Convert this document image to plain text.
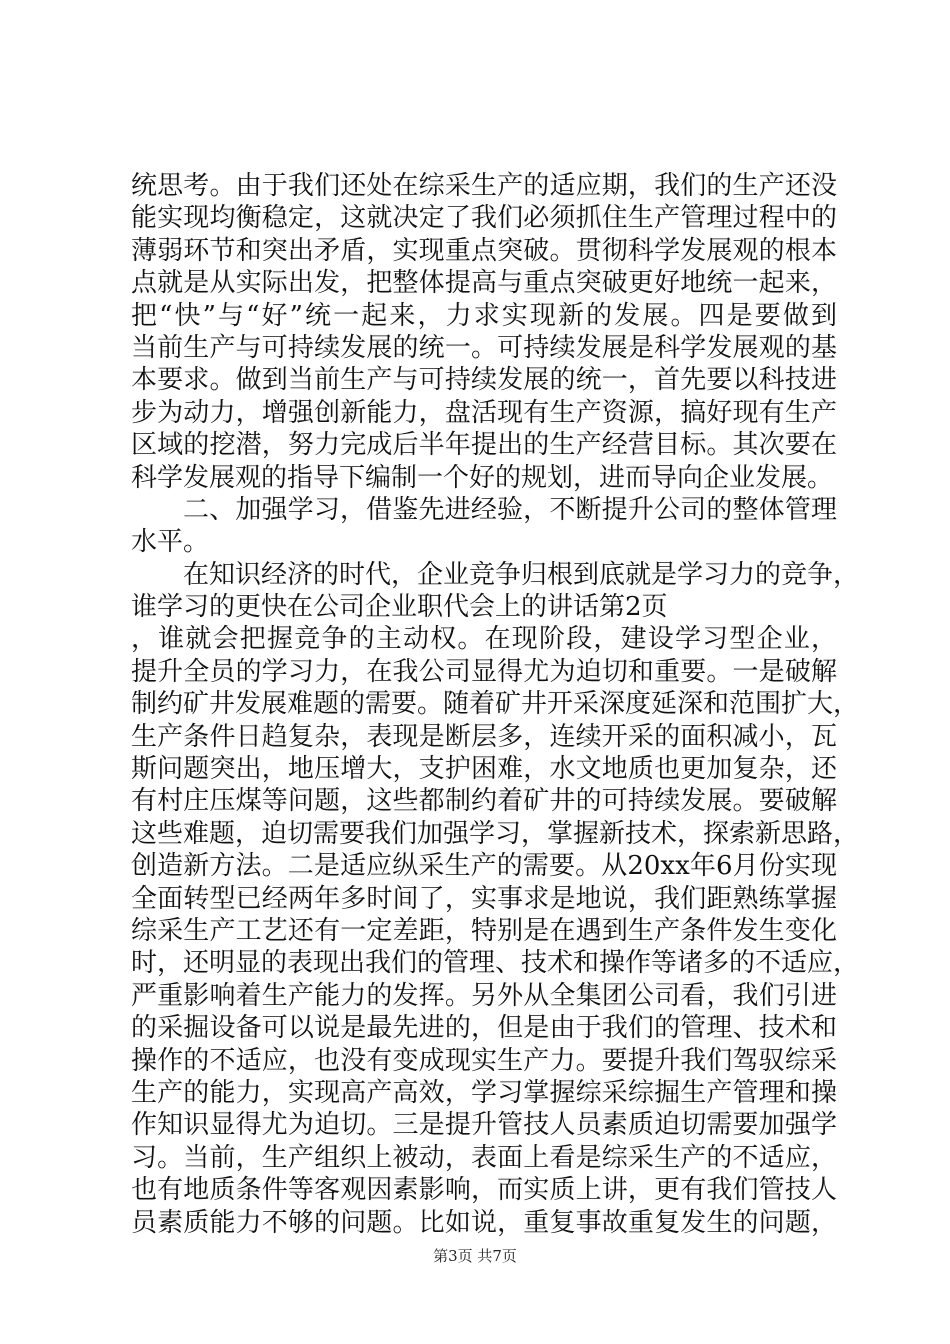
统思考。由于我们还处在综采生产的适应期，我们的生产还没
能实现均衡稳定，这就决定了我们必须抓住生产管理过程中的
薄弱环节和突出矛盾，实现重点突破。贯彻科学发展观的根本
点就是从实际出发，把整体提高与重点突破更好地统一起来，
把“快”与“好”统一起来，力求实现新的发展。四是要做到
当前生产与可持续发展的统一。可持续发展是科学发展观的基
本要求。做到当前生产与可持续发展的统一，首先要以科技进
步为动力，增强创新能力，盘活现有生产资源，搞好现有生产
区域的挖潜，努力完成后半年提出的生产经营目标。其次要在
科学发展观的指导下编制一个好的规划，进而导向企业发展。
二、加强学习，借鉴先进经验，不断提升公司的整体管理
水平。
在知识经济的时代，企业竞争归根到底就是学习力的竞争，
谁学习的更快在公司企业职代会上的讲话第2页
，谁就会把握竞争的主动权。在现阶段，建设学习型企业，
提升全员的学习力，在我公司显得尤为迫切和重要。一是破解
制约矿井发展难题的需要。随着矿井开采深度延深和范围扩大，
生产条件日趋复杂，表现是断层多，连续开采的面积减小，瓦
斯问题突出，地压增大，支护困难，水文地质也更加复杂，还
有村庄压煤等问题，这些都制约着矿井的可持续发展。要破解
这些难题，迫切需要我们加强学习，掌握新技术，探索新思路，
创造新方法。二是适应纵采生产的需要。从20xx年6月份实现
全面转型已经两年多时间了，实事求是地说，我们距熟练掌握
综采生产工艺还有一定差距，特别是在遇到生产条件发生变化
时，还明显的表现出我们的管理、技术和操作等诸多的不适应，
严重影响着生产能力的发挥。另外从全集团公司看，我们引进
的采掘设备可以说是最先进的，但是由于我们的管理、技术和
操作的不适应，也没有变成现实生产力。要提升我们驾驭综采
生产的能力，实现高产高效，学习掌握综采综掘生产管理和操
作知识显得尤为迫切。三是提升管技人员素质迫切需要加强学
习。当前，生产组织上被动，表面上看是综采生产的不适应，
也有地质条件等客观因素影响，而实质上讲，更有我们管技人
员素质能力不够的问题。比如说，重复事故重复发生的问题，
第3页 共7页
